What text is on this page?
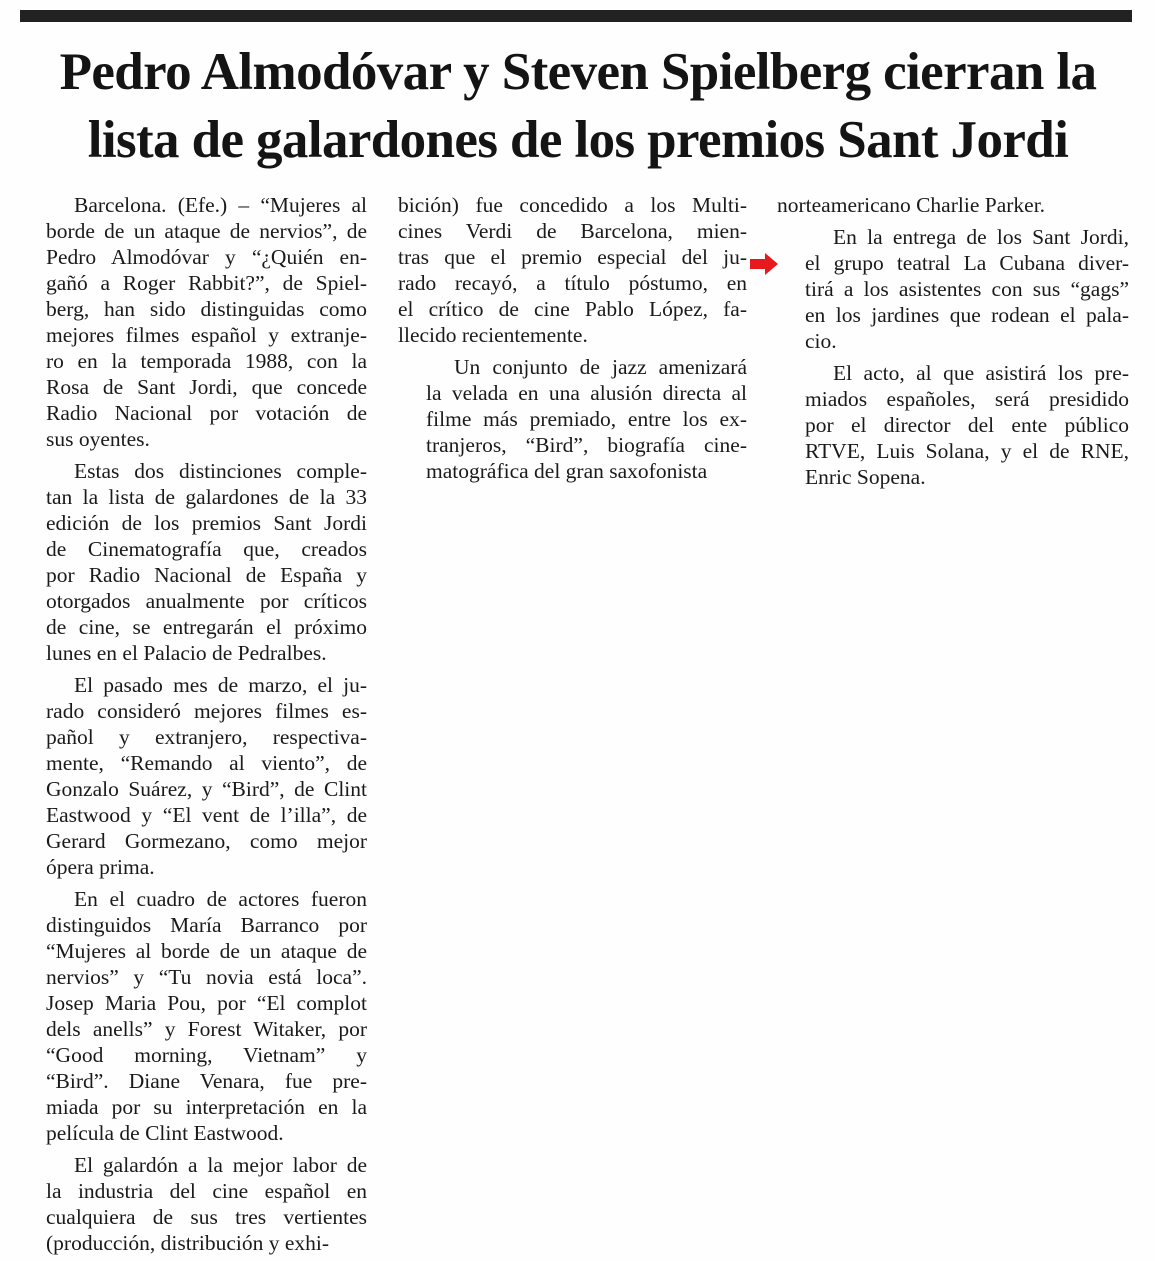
Pedro Almodóvar y Steven Spielberg cierran la
lista de galardones de los premios Sant Jordi

Barcelona. (Efe.) – “Mujeres al
borde de un ataque de nervios”, de
Pedro Almodóvar y “¿Quién en-
gañó a Roger Rabbit?”, de Spiel-
berg, han sido distinguidas como
mejores filmes español y extranje-
ro en la temporada 1988, con la
Rosa de Sant Jordi, que concede
Radio Nacional por votación de
sus oyentes.

Estas dos distinciones complе-
tan la lista de galardones de la 33
edición de los premios Sant Jordi
de Cinematografía que, creados
por Radio Nacional de España y
otorgados anualmente por críticos
de cine, se entregarán el próximo
lunes en el Palacio de Pedralbes.

El pasado mes de marzo, el ju-
rado consideró mejores filmes es-
pañol y extranjero, respectiva-
mente, “Remando al viento”, de
Gonzalo Suárez, y “Bird”, de Clint
Eastwood y “El vent de l’illa”, de
Gerard Gormezano, como mejor
ópera prima.

En el cuadro de actores fueron
distinguidos María Barranco por
“Mujeres al borde de un ataque de
nervios” y “Tu novia está loca”.
Josep Maria Pou, por “El complot
dels anells” y Forest Witaker, por
“Good morning, Vietnam” y
“Bird”. Diane Venara, fue pre-
miada por su interpretación en la
película de Clint Eastwood.

El galardón a la mejor labor de
la industria del cine español en
cualquiera de sus tres vertientes
(producción, distribución y exhi-

bición) fue concedido a los Multi-
cines Verdi de Barcelona, mien-
tras que el premio especial del ju-
rado recayó, a título póstumo, en
el crítico de cine Pablo López, fa-
llecido recientemente.

Un conjunto de jazz amenizará
la velada en una alusión directa al
filme más premiado, entre los ex-
tranjeros, “Bird”, biografía cine-
matográfica del gran saxofonista

norteamericano Charlie Parker.

En la entrega de los Sant Jordi,
el grupo teatral La Cubana diver-
tirá a los asistentes con sus “gags”
en los jardines que rodean el pala-
cio.

El acto, al que asistirá los pre-
miados españoles, será presidido
por el director del ente público
RTVE, Luis Solana, y el de RNE,
Enric Sopena.
